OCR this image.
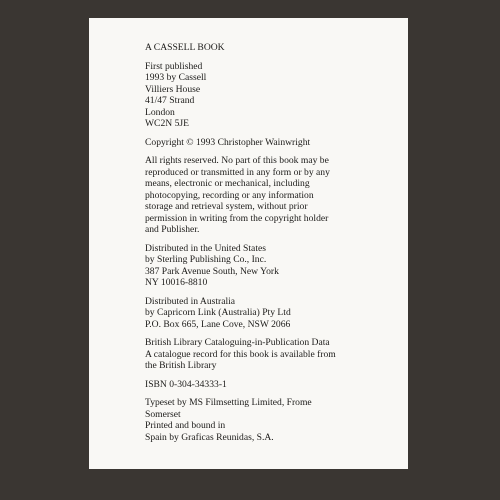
A CASSELL BOOK

First published

1993 by Cassell

Villiers House

41/47 Strand

London

WC2N 5JE

Copyright © 1993 Christopher Wainwright

All rights reserved. No part of this book may be

reproduced or transmitted in any form or by any

means, electronic or mechanical, including

photocopying, recording or any information

storage and retrieval system, without prior

permission in writing from the copyright holder

and Publisher.

Distributed in the United States

by Sterling Publishing Co., Inc.

387 Park Avenue South, New York

NY 10016-8810

Distributed in Australia

by Capricorn Link (Australia) Pty Ltd

P.O. Box 665, Lane Cove, NSW 2066

British Library Cataloguing-in-Publication Data

A catalogue record for this book is available from

the British Library

ISBN 0-304-34333-1

Typeset by MS Filmsetting Limited, Frome

Somerset

Printed and bound in

Spain by Graficas Reunidas, S.A.
